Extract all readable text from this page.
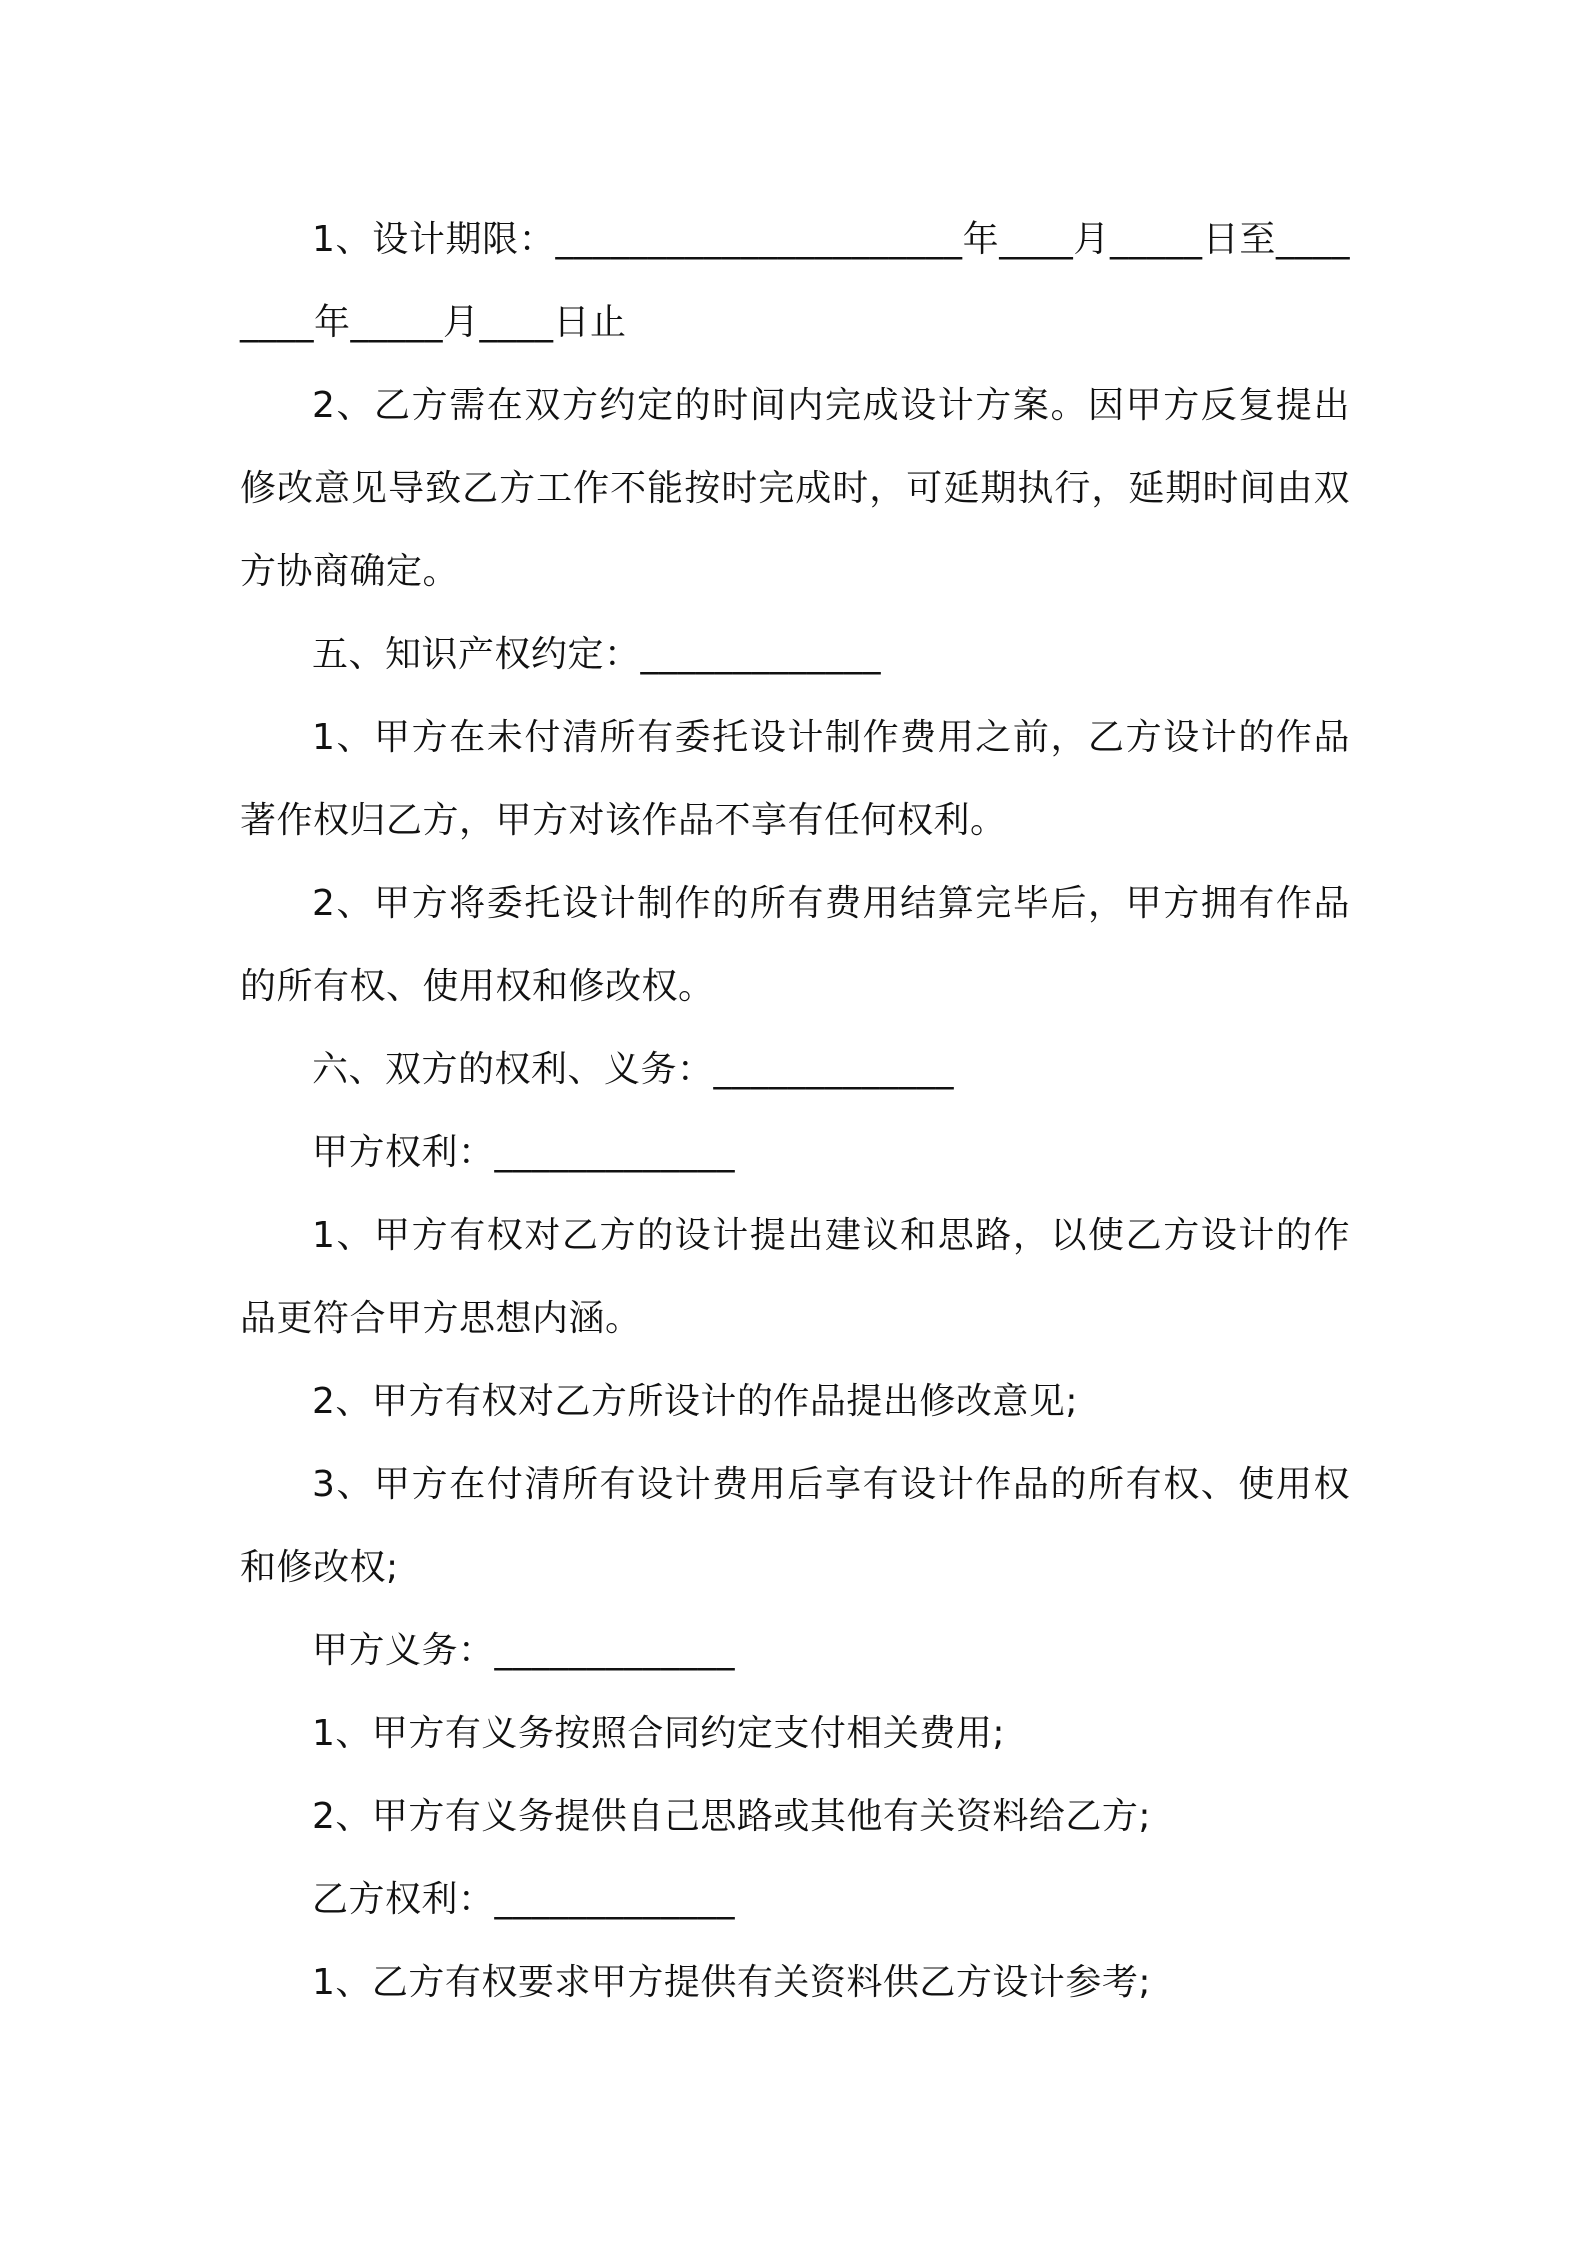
1、设计期限：______________________年____月_____日至________年_____月____日止

2、乙方需在双方约定的时间内完成设计方案。因甲方反复提出修改意见导致乙方工作不能按时完成时，可延期执行，延期时间由双方协商确定。

五、知识产权约定：_____________

1、甲方在未付清所有委托设计制作费用之前，乙方设计的作品著作权归乙方，甲方对该作品不享有任何权利。

2、甲方将委托设计制作的所有费用结算完毕后，甲方拥有作品的所有权、使用权和修改权。

六、双方的权利、义务：_____________

甲方权利：_____________

1、甲方有权对乙方的设计提出建议和思路，以使乙方设计的作品更符合甲方思想内涵。

2、甲方有权对乙方所设计的作品提出修改意见;

3、甲方在付清所有设计费用后享有设计作品的所有权、使用权和修改权;

甲方义务：_____________

1、甲方有义务按照合同约定支付相关费用;

2、甲方有义务提供自己思路或其他有关资料给乙方;

乙方权利：_____________

1、乙方有权要求甲方提供有关资料供乙方设计参考;
